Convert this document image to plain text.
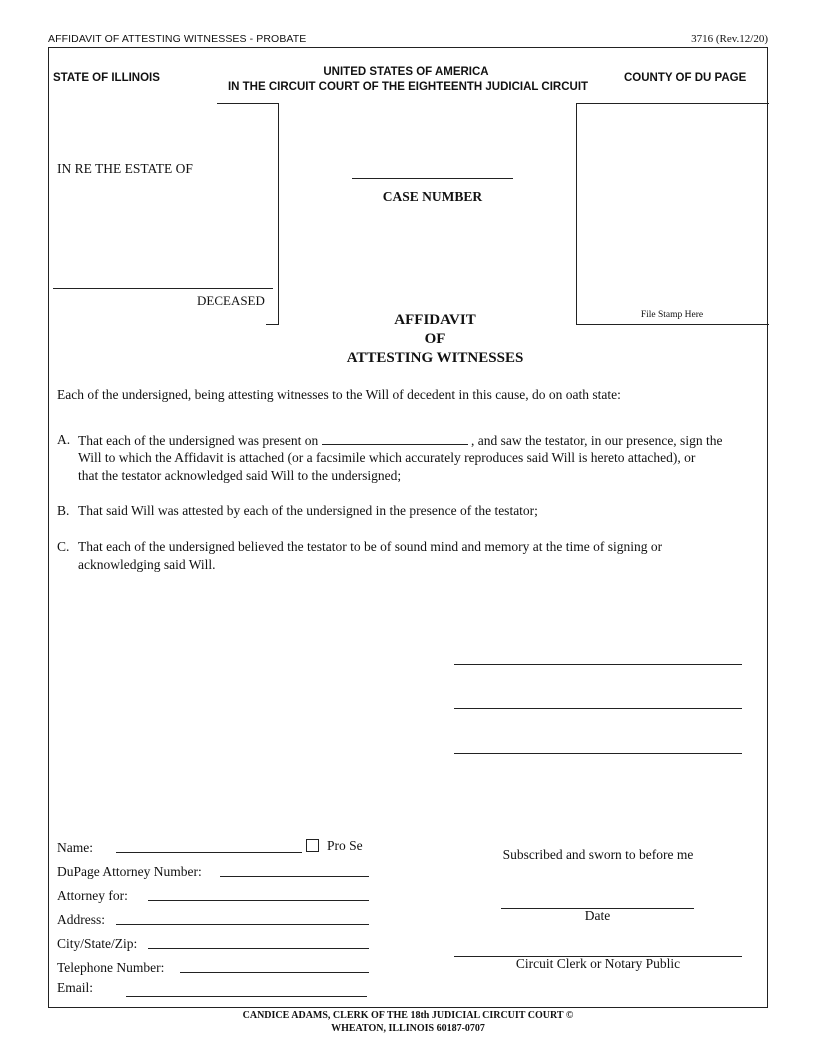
AFFIDAVIT OF ATTESTING WITNESSES - PROBATE	3716 (Rev.12/20)
STATE OF ILLINOIS	UNITED STATES OF AMERICA
IN THE CIRCUIT COURT OF THE EIGHTEENTH JUDICIAL CIRCUIT
COUNTY OF DU PAGE
IN RE THE ESTATE OF
DECEASED
CASE NUMBER
File Stamp Here
AFFIDAVIT
OF
ATTESTING WITNESSES
Each of the undersigned, being attesting witnesses to the Will of decedent in this cause, do on oath state:
A. That each of the undersigned was present on	, and saw the testator, in our presence, sign the
Will to which the Affidavit is attached (or a facsimile which accurately reproduces said Will is hereto attached), or
that the testator acknowledged said Will to the undersigned;
B. That said Will was attested by each of the undersigned in the presence of the testator;
C. That each of the undersigned believed the testator to be of sound mind and memory at the time of signing or
acknowledging said Will.
Name:	Pro Se
DuPage Attorney Number:
Attorney for:
Address:
City/State/Zip:
Telephone Number:
Email:
Subscribed and sworn to before me
Date
Circuit Clerk or Notary Public
CANDICE ADAMS, CLERK OF THE 18th JUDICIAL CIRCUIT COURT ©
WHEATON, ILLINOIS 60187-0707
